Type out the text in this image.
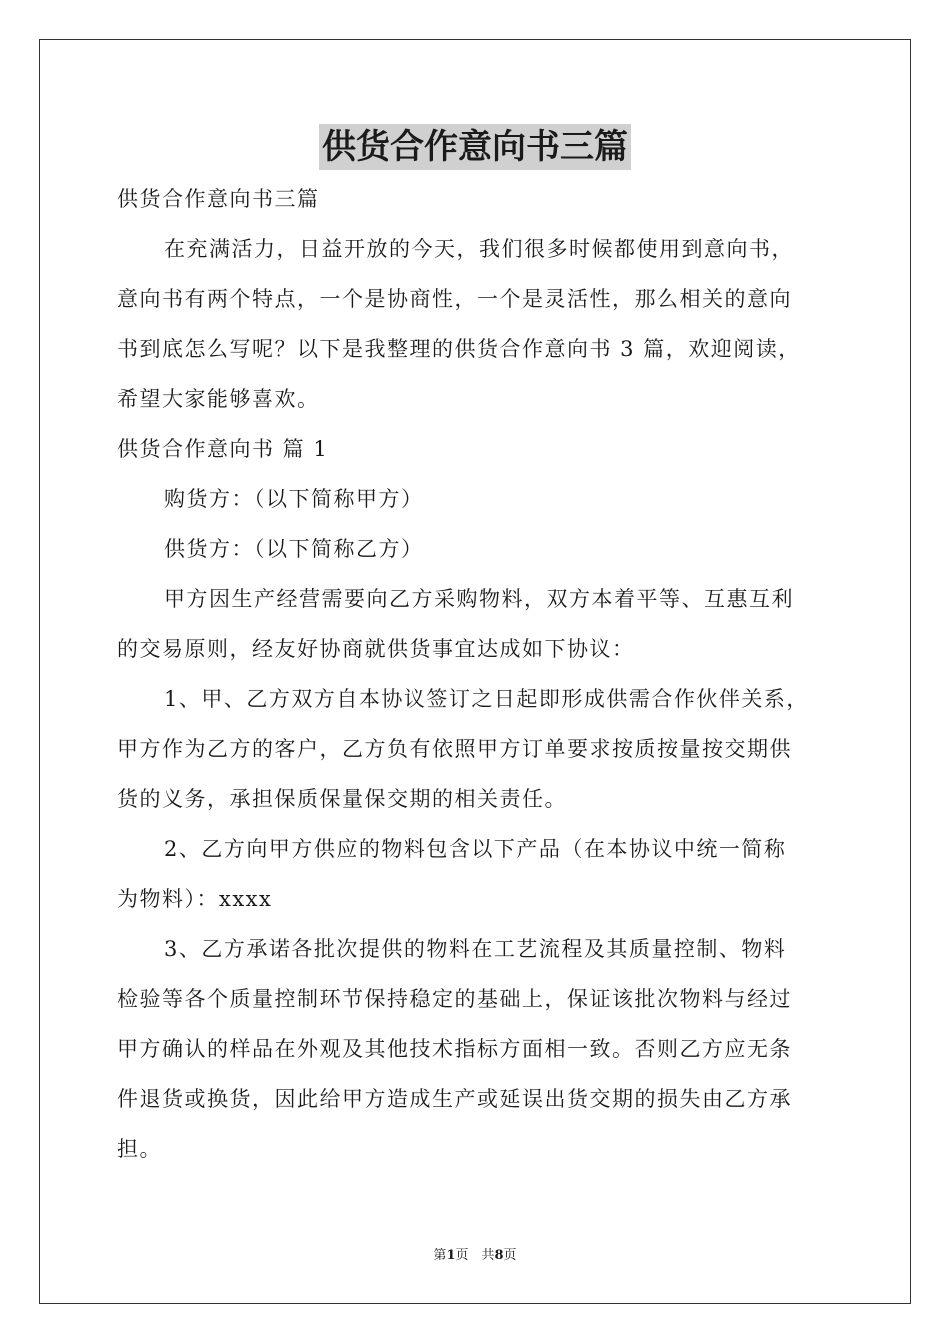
供货合作意向书三篇
供货合作意向书三篇
在充满活力，日益开放的今天，我们很多时候都使用到意向书，
意向书有两个特点，一个是协商性，一个是灵活性，那么相关的意向
书到底怎么写呢？以下是我整理的供货合作意向书 3 篇，欢迎阅读，
希望大家能够喜欢。
供货合作意向书 篇 1
购货方：（以下简称甲方）
供货方：（以下简称乙方）
甲方因生产经营需要向乙方采购物料，双方本着平等、互惠互利
的交易原则，经友好协商就供货事宜达成如下协议：
1、甲、乙方双方自本协议签订之日起即形成供需合作伙伴关系，
甲方作为乙方的客户，乙方负有依照甲方订单要求按质按量按交期供
货的义务，承担保质保量保交期的相关责任。
2、乙方向甲方供应的物料包含以下产品（在本协议中统一简称
为物料）：xxxx
3、乙方承诺各批次提供的物料在工艺流程及其质量控制、物料
检验等各个质量控制环节保持稳定的基础上，保证该批次物料与经过
甲方确认的样品在外观及其他技术指标方面相一致。否则乙方应无条
件退货或换货，因此给甲方造成生产或延误出货交期的损失由乙方承
担。
第1页　共8页
